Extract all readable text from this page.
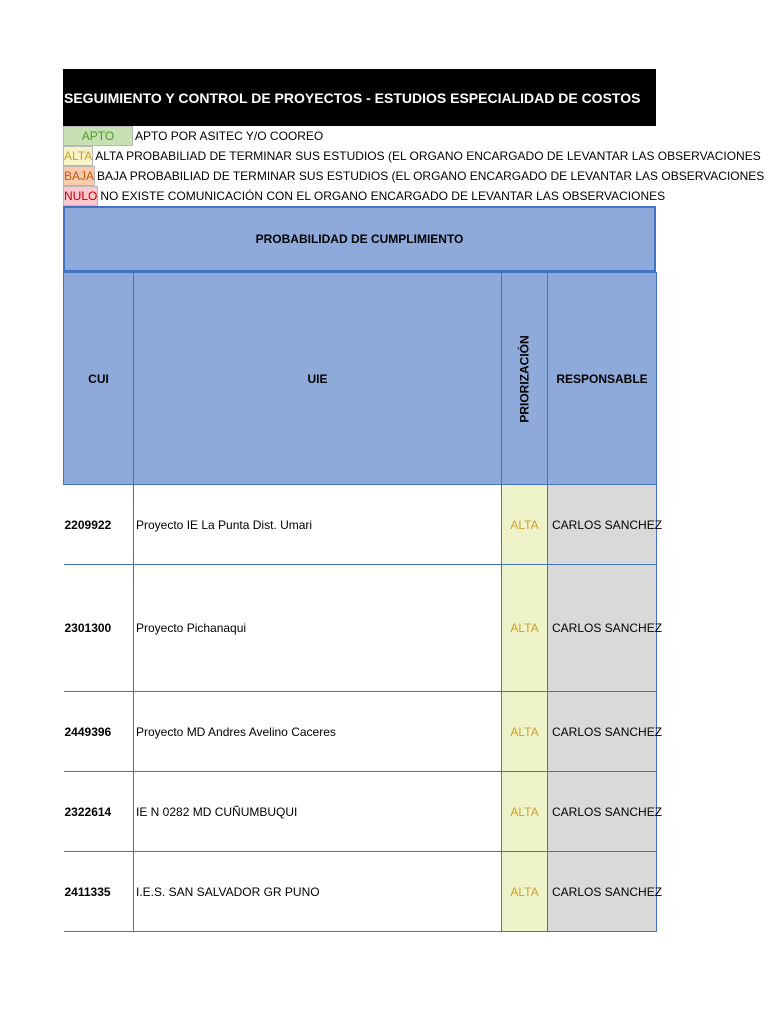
SEGUIMIENTO Y CONTROL DE PROYECTOS - ESTUDIOS ESPECIALIDAD DE COSTOS
APTO	APTO POR ASITEC Y/O COOREO
ALTA ALTA PROBABILIAD DE TERMINAR SUS ESTUDIOS (EL ORGANO ENCARGADO DE LEVANTAR LAS OBSERVACIONES
BAJA BAJA PROBABILIAD DE TERMINAR SUS ESTUDIOS (EL ORGANO ENCARGADO DE LEVANTAR LAS OBSERVACIONES
NULO NO EXISTE COMUNICACIÓN CON EL ORGANO ENCARGADO DE LEVANTAR LAS OBSERVACIONES
PROBABILIDAD DE CUMPLIMIENTO
CUI	UIE	PRIORIZACIÓN	RESPONSABLE
2209922	Proyecto IE La Punta Dist. Umari	ALTA	CARLOS SANCHEZ
2301300	Proyecto Pichanaqui	ALTA	CARLOS SANCHEZ
2449396	Proyecto MD Andres Avelino Caceres	ALTA	CARLOS SANCHEZ
2322614	IE N 0282 MD CUÑUMBUQUI	ALTA	CARLOS SANCHEZ
2411335	I.E.S. SAN SALVADOR GR PUNO	ALTA	CARLOS SANCHEZ
